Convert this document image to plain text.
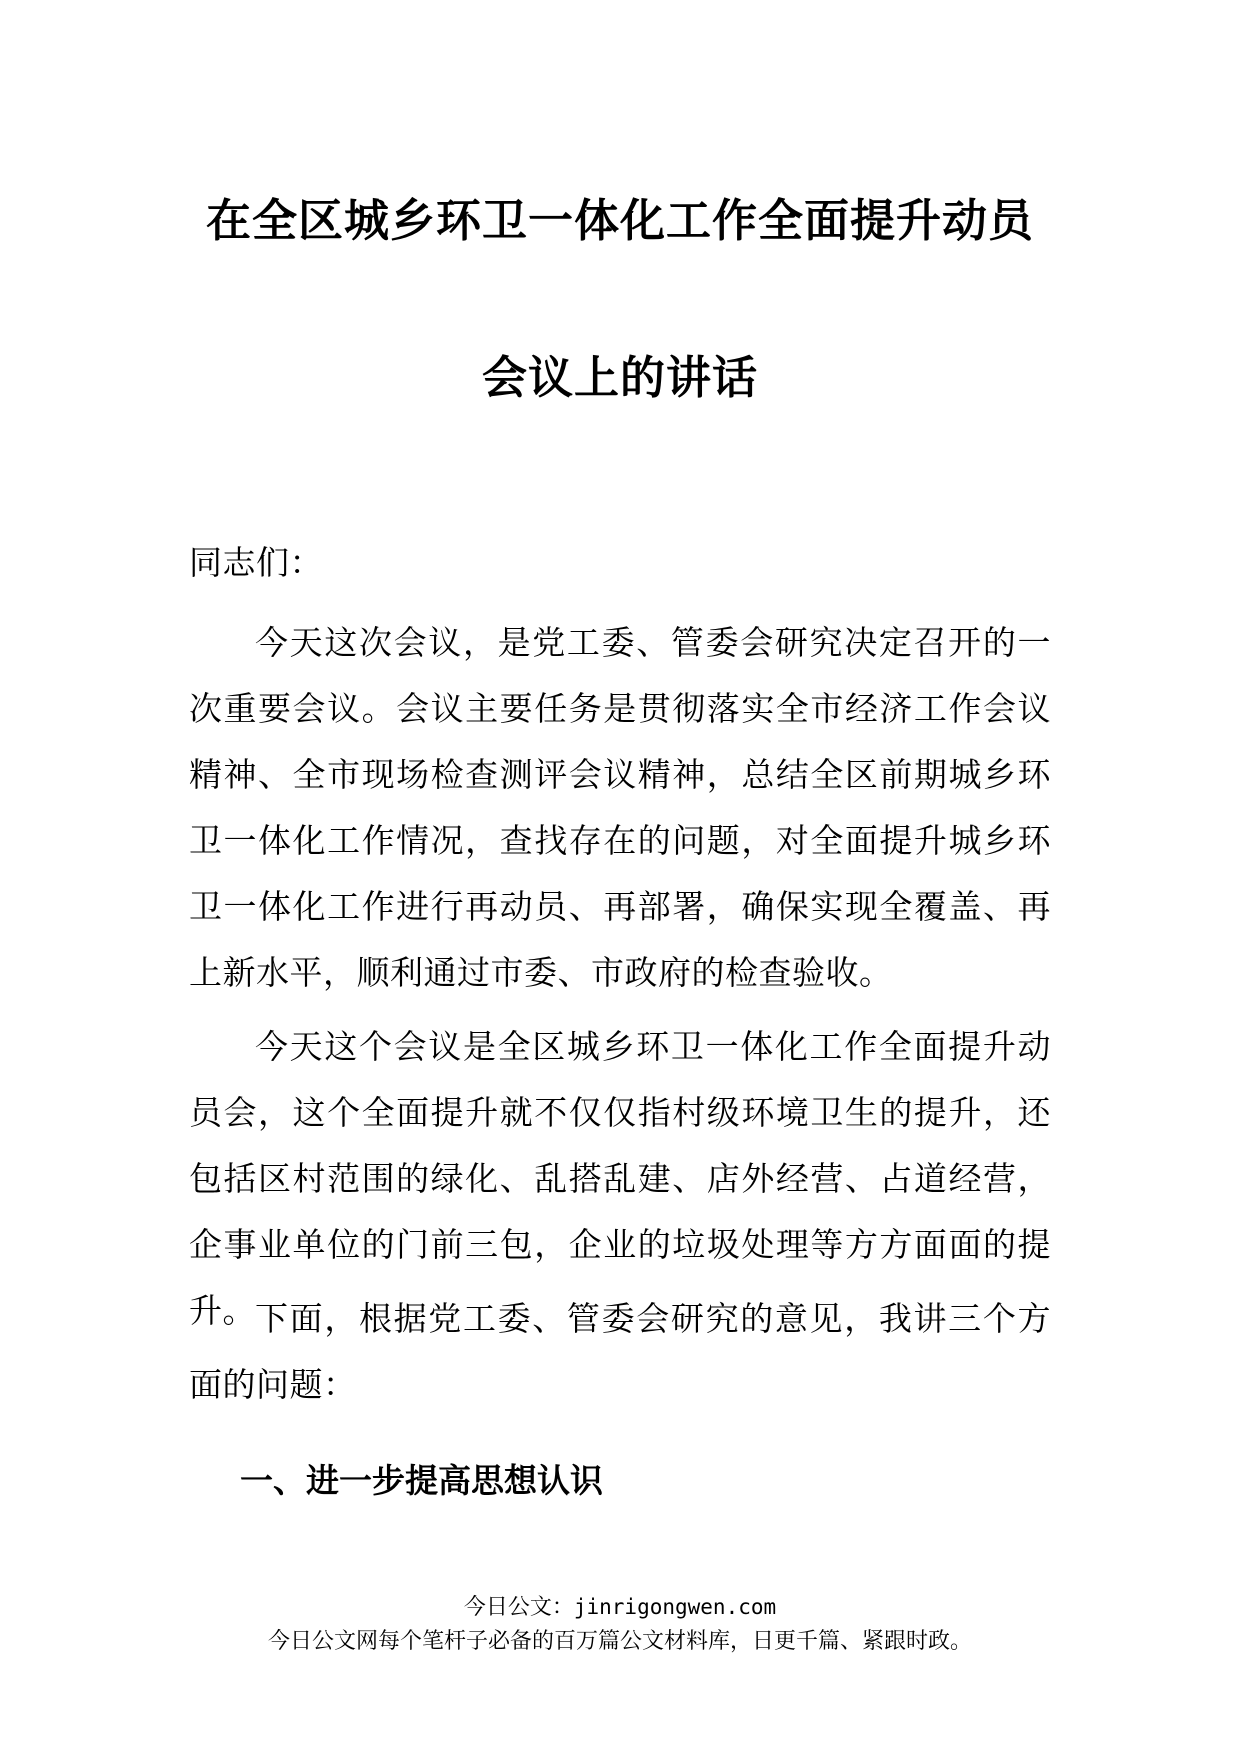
在全区城乡环卫一体化工作全面提升动员
会议上的讲话
同志们：

今天这次会议，是党工委、管委会研究决定召开的一次重要会议。会议主要任务是贯彻落实全市经济工作会议精神、全市现场检查测评会议精神，总结全区前期城乡环卫一体化工作情况，查找存在的问题，对全面提升城乡环卫一体化工作进行再动员、再部署，确保实现全覆盖、再上新水平，顺利通过市委、市政府的检查验收。

今天这个会议是全区城乡环卫一体化工作全面提升动员会，这个全面提升就不仅仅指村级环境卫生的提升，还包括区村范围的绿化、乱搭乱建、店外经营、占道经营，企事业单位的门前三包，企业的垃圾处理等方方面面的提升。 下面，根据党工委、管委会研究的意见，我讲三个方面的问题：

一、进一步提高思想认识
今日公文：jinrigongwen.com
今日公文网每个笔杆子必备的百万篇公文材料库，日更千篇、紧跟时政。
